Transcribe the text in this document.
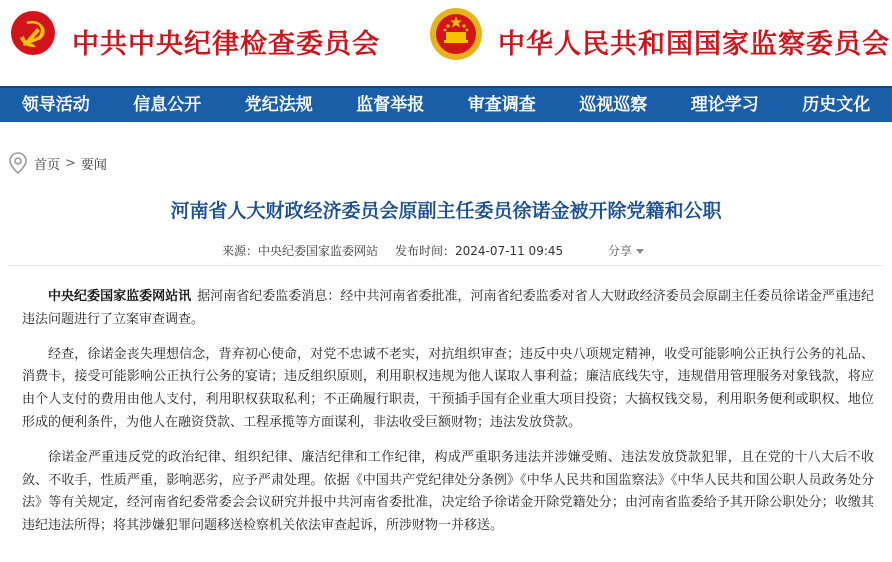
中共中央纪律检查委员会	中华人民共和国国家监察委员会
领导活动	信息公开	党纪法规	监督举报	审查调查	巡视巡察	理论学习	历史文化
首页 > 要闻
河南省人大财政经济委员会原副主任委员徐诺金被开除党籍和公职
来源：中央纪委国家监委网站 发布时间：2024-07-11 09:45	分享

中央纪委国家监委网站讯 据河南省纪委监委消息：经中共河南省委批准，河南省纪委监委对省人大财政经济委员会原副主任委员徐诺金严重违纪违法问题进行了立案审查调查。

经查，徐诺金丧失理想信念，背弃初心使命，对党不忠诚不老实，对抗组织审查；违反中央八项规定精神，收受可能影响公正执行公务的礼品、消费卡，接受可能影响公正执行公务的宴请；违反组织原则，利用职权违规为他人谋取人事利益；廉洁底线失守，违规借用管理服务对象钱款，将应由个人支付的费用由他人支付，利用职权获取私利；不正确履行职责，干预插手国有企业重大项目投资；大搞权钱交易，利用职务便利或职权、地位形成的便利条件，为他人在融资贷款、工程承揽等方面谋利，非法收受巨额财物；违法发放贷款。

徐诺金严重违反党的政治纪律、组织纪律、廉洁纪律和工作纪律，构成严重职务违法并涉嫌受贿、违法发放贷款犯罪，且在党的十八大后不收敛、不收手，性质严重，影响恶劣，应予严肃处理。依据《中国共产党纪律处分条例》《中华人民共和国监察法》《中华人民共和国公职人员政务处分法》等有关规定，经河南省纪委常委会会议研究并报中共河南省委批准，决定给予徐诺金开除党籍处分；由河南省监委给予其开除公职处分；收缴其违纪违法所得；将其涉嫌犯罪问题移送检察机关依法审查起诉，所涉财物一并移送。
